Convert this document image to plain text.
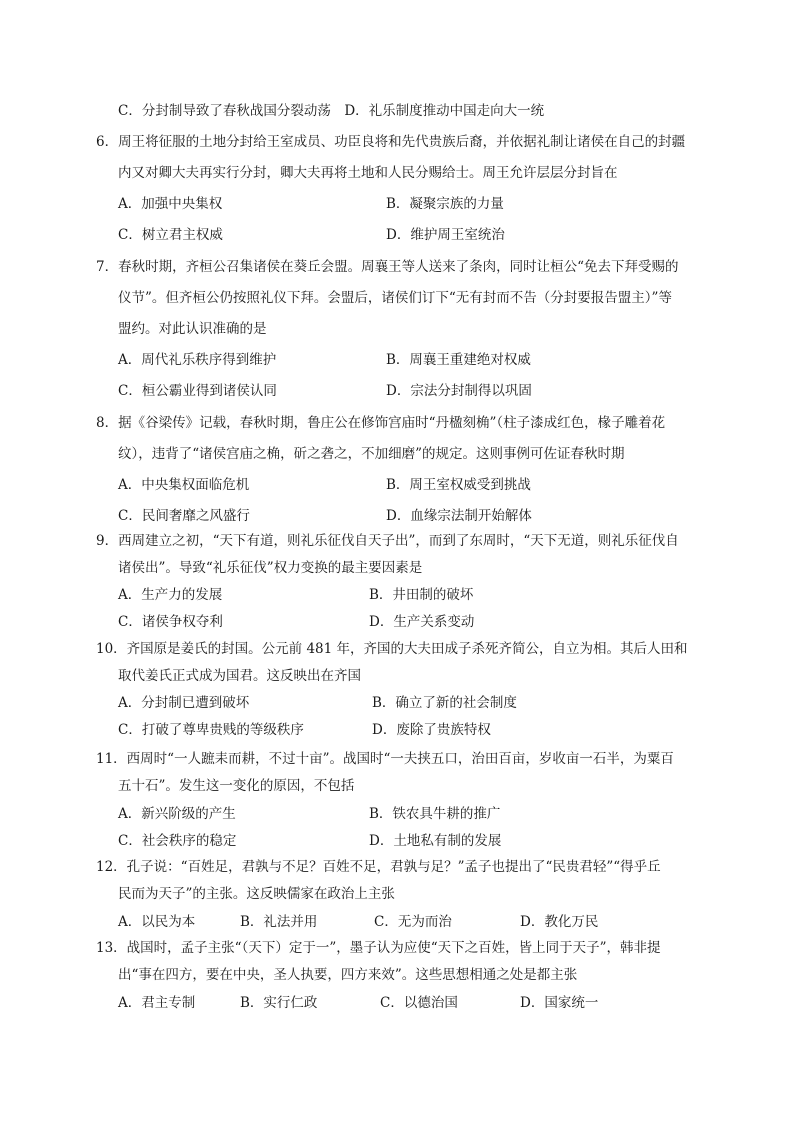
C．分封制导致了春秋战国分裂动荡　D．礼乐制度推动中国走向大一统
6．周王将征服的土地分封给王室成员、功臣良将和先代贵族后裔，并依据礼制让诸侯在自己的封疆
内又对卿大夫再实行分封，卿大夫再将土地和人民分赐给士。周王允许层层分封旨在
A．加强中央集权	B．凝聚宗族的力量
C．树立君主权威	D．维护周王室统治
7．春秋时期，齐桓公召集诸侯在葵丘会盟。周襄王等人送来了条肉，同时让桓公“免去下拜受赐的
仪节”。但齐桓公仍按照礼仪下拜。会盟后，诸侯们订下“无有封而不告（分封要报告盟主）”等
盟约。对此认识准确的是
A．周代礼乐秩序得到维护	B．周襄王重建绝对权威
C．桓公霸业得到诸侯认同	D．宗法分封制得以巩固
8．据《谷梁传》记载，春秋时期，鲁庄公在修饰宫庙时“丹楹刻桷”（柱子漆成红色，椽子雕着花
纹），违背了“诸侯宫庙之桷，斫之砻之，不加细磨”的规定。这则事例可佐证春秋时期
A．中央集权面临危机	B．周王室权威受到挑战
C．民间奢靡之风盛行	D．血缘宗法制开始解体
9．西周建立之初，“天下有道，则礼乐征伐自天子出”，而到了东周时，“天下无道，则礼乐征伐自
诸侯出”。导致“礼乐征伐”权力变换的最主要因素是
A．生产力的发展	B．井田制的破坏
C．诸侯争权夺利	D．生产关系变动
10．齐国原是姜氏的封国。公元前 481 年，齐国的大夫田成子杀死齐简公，自立为相。其后人田和
取代姜氏正式成为国君。这反映出在齐国
A．分封制已遭到破坏	B．确立了新的社会制度
C．打破了尊卑贵贱的等级秩序	D．废除了贵族特权
11．西周时“一人蹠耒而耕，不过十亩”。战国时“一夫挟五口，治田百亩，岁收亩一石半，为粟百
五十石”。发生这一变化的原因，不包括
A．新兴阶级的产生	B．铁农具牛耕的推广
C．社会秩序的稳定	D．土地私有制的发展
12．孔子说：“百姓足，君孰与不足？百姓不足，君孰与足？”孟子也提出了“民贵君轻”“得乎丘
民而为天子”的主张。这反映儒家在政治上主张
A．以民为本	B．礼法并用	C．无为而治	D．教化万民
13．战国时，孟子主张“（天下）定于一”，墨子认为应使“天下之百姓，皆上同于天子”，韩非提
出“事在四方，要在中央，圣人执要，四方来效”。这些思想相通之处是都主张
A．君主专制	B．实行仁政	C．以德治国	D．国家统一
